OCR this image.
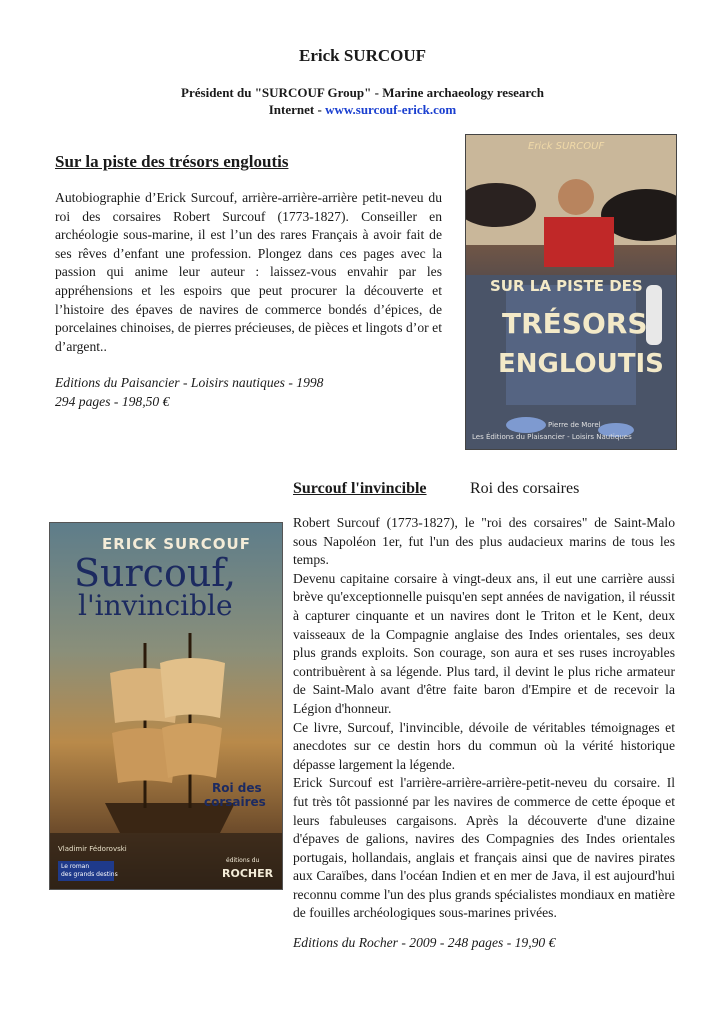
Erick SURCOUF
Président du "SURCOUF Group" - Marine archaeology research
Internet - www.surcouf-erick.com
Sur la piste des trésors engloutis
Autobiographie d’Erick Surcouf, arrière-arrière-arrière petit-neveu du roi des corsaires Robert Surcouf (1773-1827). Conseiller en archéologie sous-marine, il est l’un des rares Français à avoir fait de ses rêves d’enfant une profession. Plongez dans ces pages avec la passion qui anime leur auteur : laissez-vous envahir par les appréhensions et les espoirs que peut procurer la découverte et l’histoire des épaves de navires de commerce bondés d’épices, de porcelaines chinoises, de pierres précieuses, de pièces et lingots d’or et d’argent..
Editions du Paisancier - Loisirs nautiques - 1998
294 pages - 198,50 €
Erick SURCOUF
SUR LA PISTE DES
TRÉSORS
ENGLOUTIS
Pierre de Morel
Les Éditions du Plaisancier - Loisirs Nautiques
Surcouf l'invincible	Roi des corsaires
Robert Surcouf (1773-1827), le "roi des corsaires" de Saint-Malo sous Napoléon 1er, fut l'un des plus audacieux marins de tous les temps.
Devenu capitaine corsaire à vingt-deux ans, il eut une carrière aussi brève qu'exceptionnelle puisqu'en sept années de navigation, il réussit à capturer cinquante et un navires dont le Triton et le Kent, deux vaisseaux de la Compagnie anglaise des Indes orientales, ses deux plus grands exploits. Son courage, son aura et ses ruses incroyables contribuèrent à sa légende. Plus tard, il devint le plus riche armateur de Saint-Malo avant d'être faite baron d'Empire et de recevoir la Légion d'honneur.
Ce livre, Surcouf, l'invincible, dévoile de véritables témoignages et anecdotes sur ce destin hors du commun où la vérité historique dépasse largement la légende.
Erick Surcouf est l'arrière-arrière-arrière-petit-neveu du corsaire. Il fut très tôt passionné par les navires de commerce de cette époque et leurs fabuleuses cargaisons. Après la découverte d'une dizaine d'épaves de galions, navires des Compagnies des Indes orientales portugais, hollandais, anglais et français ainsi que de navires pirates aux Caraïbes, dans l'océan Indien et en mer de Java, il est aujourd'hui reconnu comme l'un des plus grands spécialistes mondiaux en matière de fouilles archéologiques sous-marines privées.
Editions du Rocher - 2009 - 248 pages - 19,90 €
ERICK SURCOUF
Surcouf,
l'invincible
Roi des
corsaires
Vladimir Fédorovski
Le roman
des grands destins
éditions du
ROCHER
